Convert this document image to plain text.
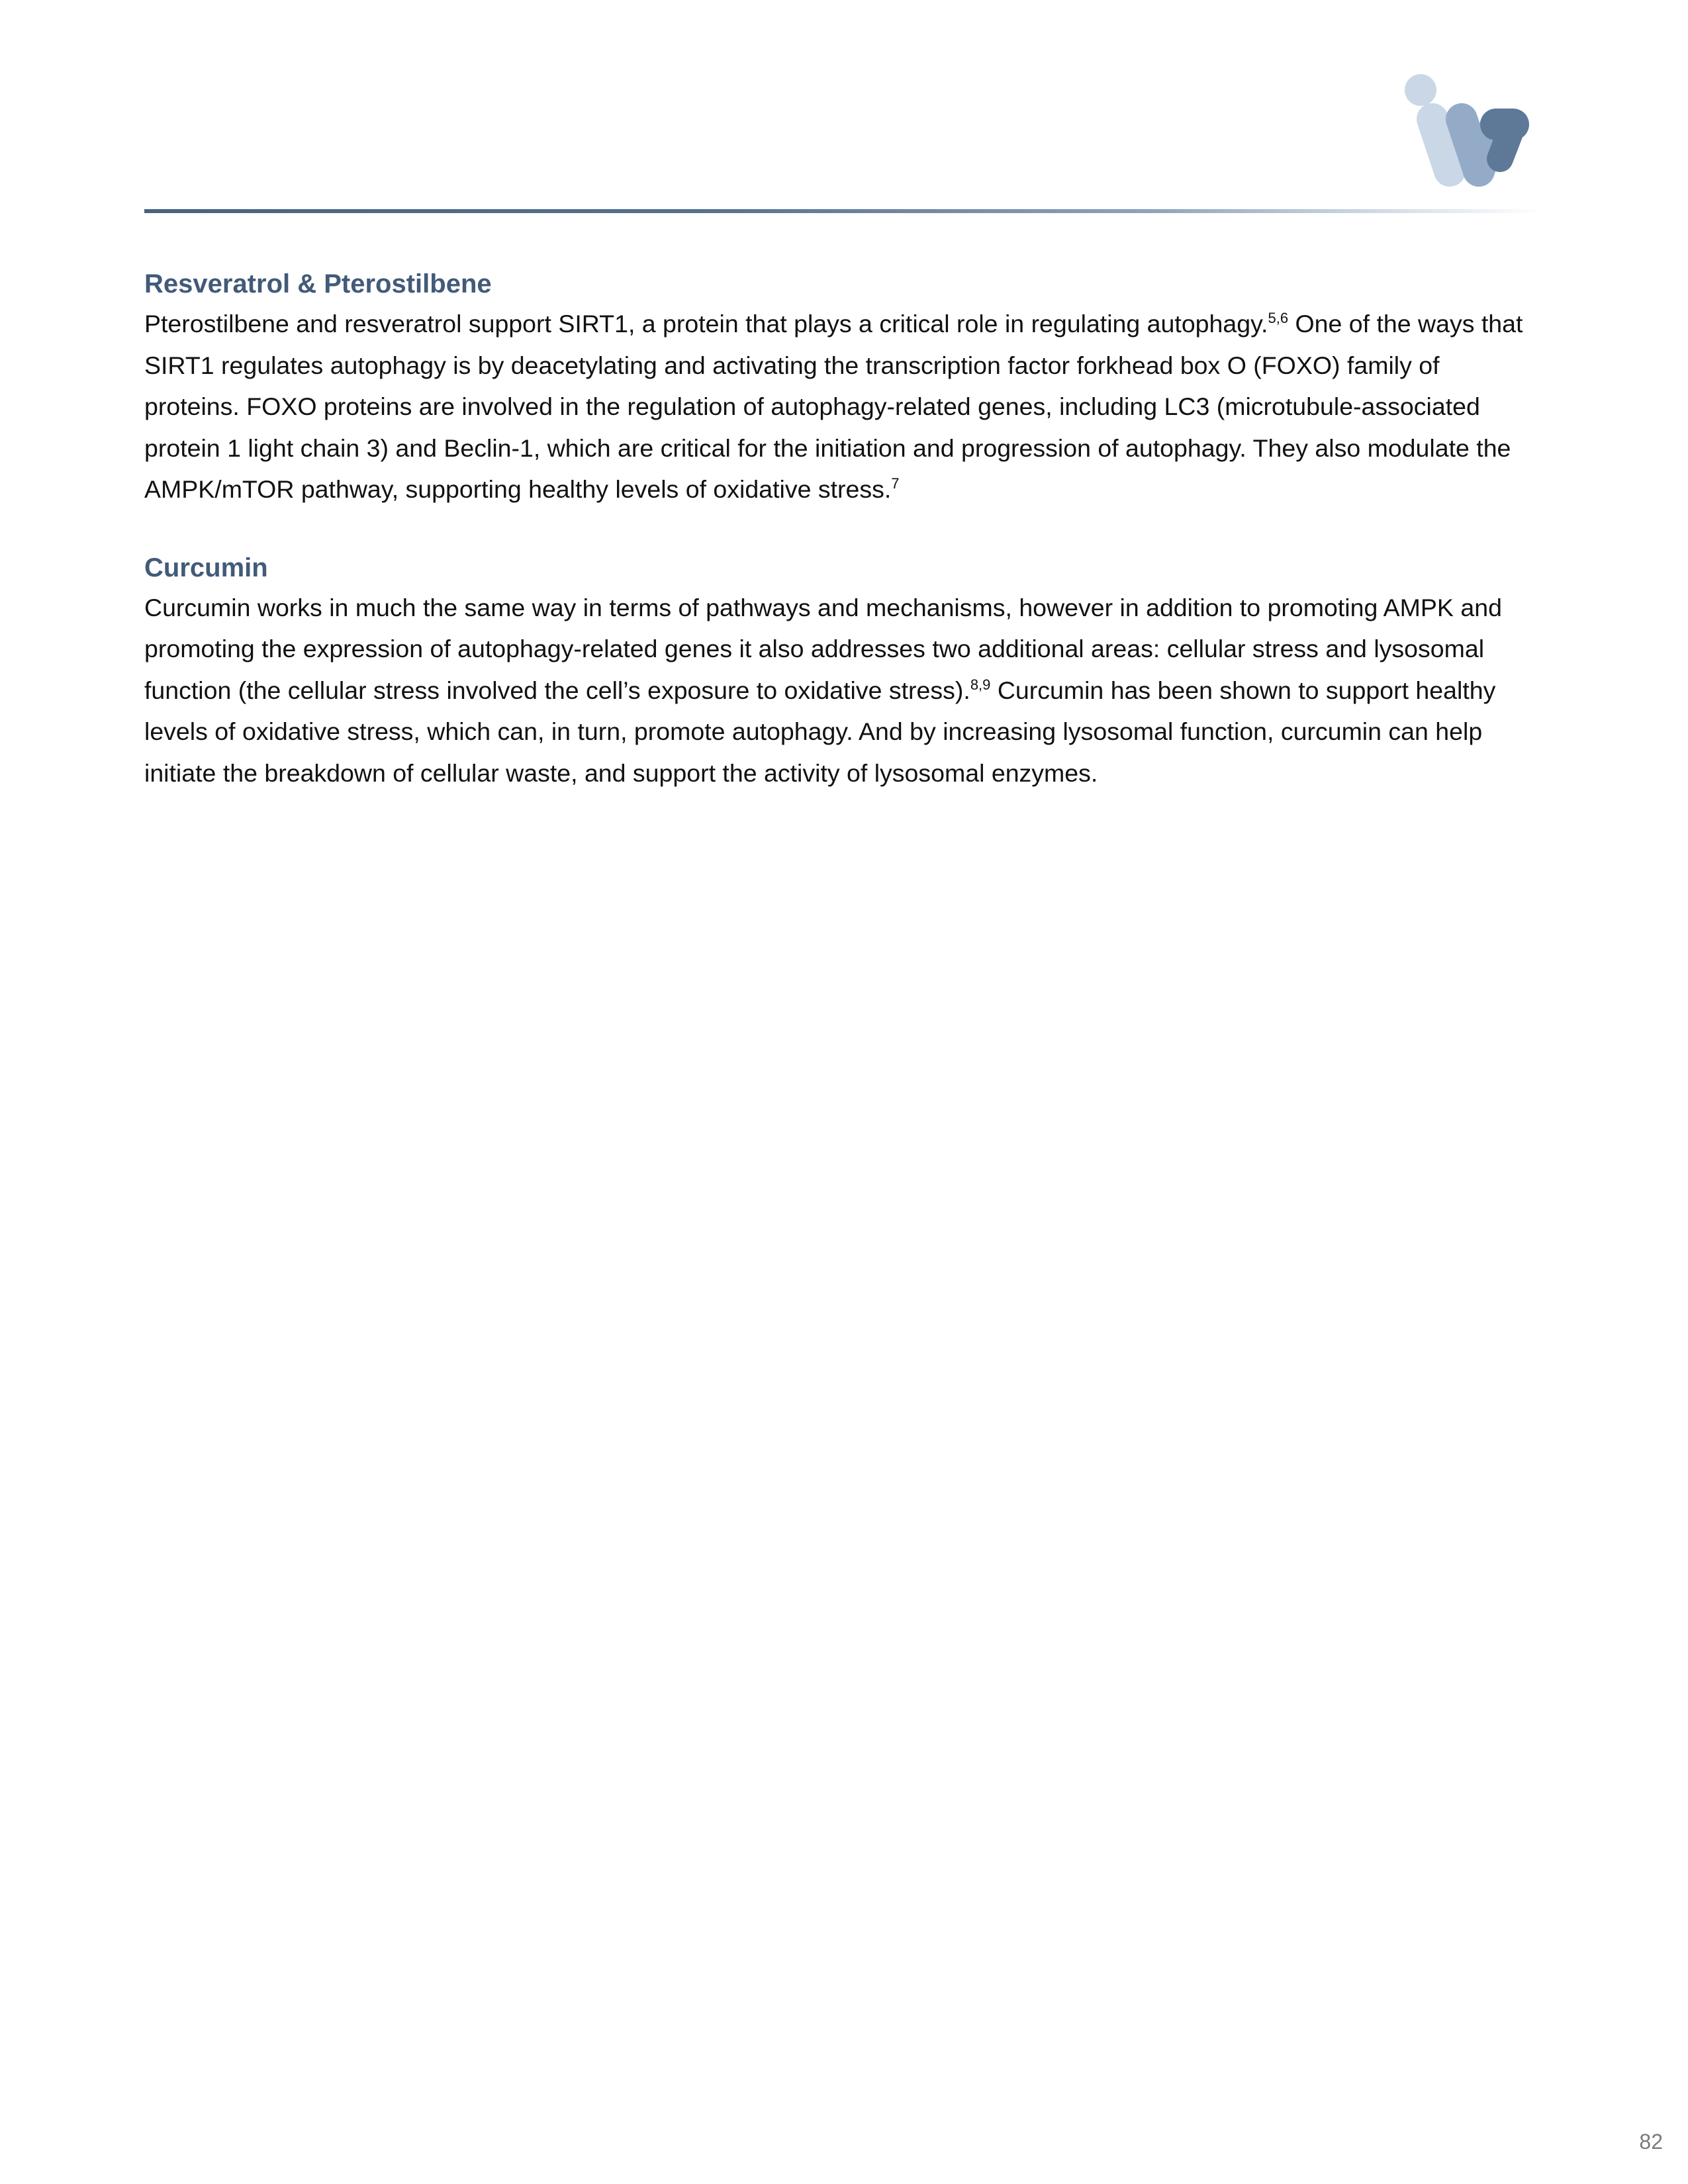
Resveratrol & Pterostilbene

Pterostilbene and resveratrol support SIRT1, a protein that plays a critical role in regulating autophagy.$^{5,6}$ One of the ways that SIRT1 regulates autophagy is by deacetylating and activating the transcription factor forkhead box O (FOXO) family of proteins. FOXO proteins are involved in the regulation of autophagy-related genes, including LC3 (microtubule-associated protein 1 light chain 3) and Beclin-1, which are critical for the initiation and progression of autophagy. They also modulate the AMPK/mTOR pathway, supporting healthy levels of oxidative stress.$^7$

Curcumin

Curcumin works in much the same way in terms of pathways and mechanisms, however in addition to promoting AMPK and promoting the expression of autophagy-related genes it also addresses two additional areas: cellular stress and lysosomal function (the cellular stress involved the cell’s exposure to oxidative stress).$^{8,9}$ Curcumin has been shown to support healthy levels of oxidative stress, which can, in turn, promote autophagy. And by increasing lysosomal function, curcumin can help initiate the breakdown of cellular waste, and support the activity of lysosomal enzymes.

82
